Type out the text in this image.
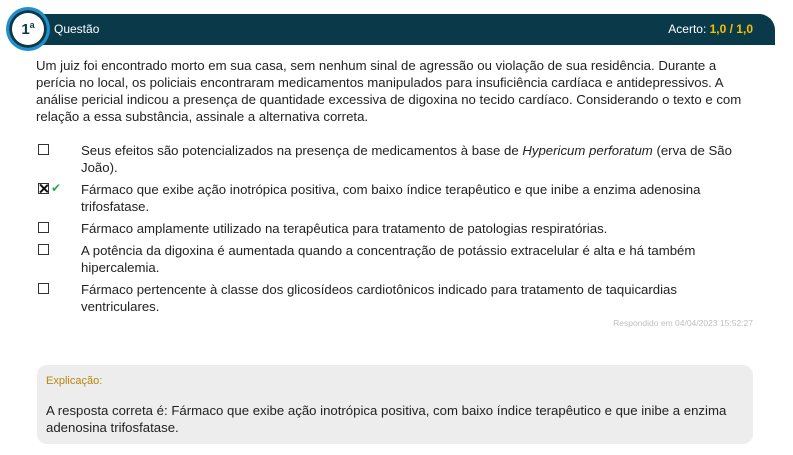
1$^a$ Questão	Acerto: 1,0 / 1,0
Um juiz foi encontrado morto em sua casa, sem nenhum sinal de agressão ou violação de sua residência. Durante a perícia no local, os policiais encontraram medicamentos manipulados para insuficiência cardíaca e antidepressivos. A análise pericial indicou a presença de quantidade excessiva de digoxina no tecido cardíaco. Considerando o texto e com relação a essa substância, assinale a alternativa correta.
Seus efeitos são potencializados na presença de medicamentos à base de Hypericum perforatum (erva de São João).
✔ Fármaco que exibe ação inotrópica positiva, com baixo índice terapêutico e que inibe a enzima adenosina trifosfatase.
Fármaco amplamente utilizado na terapêutica para tratamento de patologias respiratórias.
A potência da digoxina é aumentada quando a concentração de potássio extracelular é alta e há também hipercalemia.
Fármaco pertencente à classe dos glicosídeos cardiotônicos indicado para tratamento de taquicardias ventriculares.
Respondido em 04/04/2023 15:52:27
Explicação:
A resposta correta é: Fármaco que exibe ação inotrópica positiva, com baixo índice terapêutico e que inibe a enzima adenosina trifosfatase.
